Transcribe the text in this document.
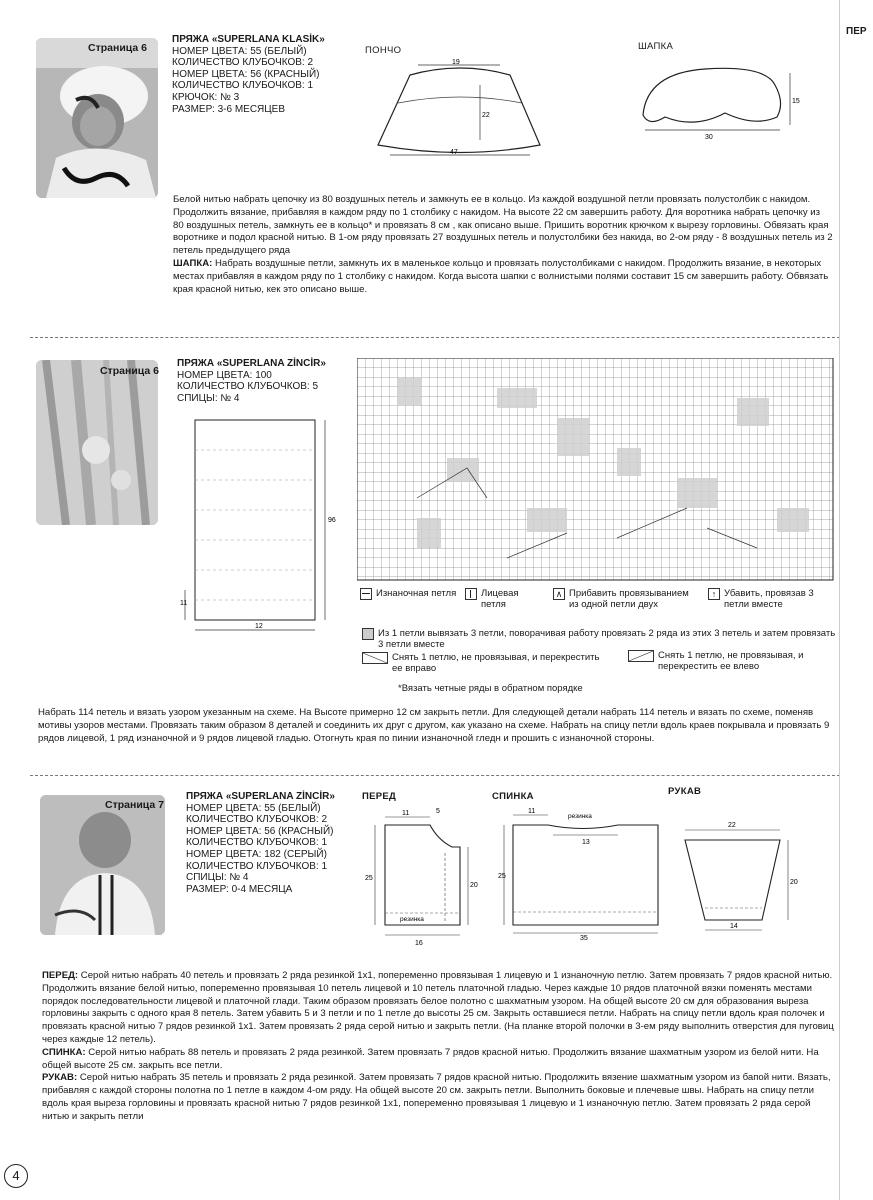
Страница 6
ПРЯЖА «SUPERLANA KLASİK»
НОМЕР ЦВЕТА: 55 (БЕЛЫЙ)
КОЛИЧЕСТВО КЛУБОЧКОВ: 2
НОМЕР ЦВЕТА: 56 (КРАСНЫЙ)
КОЛИЧЕСТВО КЛУБОЧКОВ: 1
КРЮЧОК: № 3
РАЗМЕР: 3-6 МЕСЯЦЕВ
ПОНЧО
19
22
47
ШАПКА
15
30
Белой нитью набрать цепочку из 80 воздушных петель и замкнуть ее в кольцо. Из каждой воздушной петли провязать полустолбик с накидом. Продолжить вязание, прибавляя в каждом ряду по 1 столбику с накидом. На высоте 22 см завершить работу. Для воротника набрать цепочку из 80 воздушных петель, замкнуть ее в кольцо* и провязать 8 см , как описано выше. Пришить воротник крючком к вырезу горловины. Обвязать края воротнике и подол красной нитью. В 1-ом ряду провязать 27 воздушных петель и полустолбики без накида, во 2-ом ряду - 8 воздушных петель из 2 петель предыдущего ряда
ШАПКА: Набрать воздушные петли, замкнуть их в маленькое кольцо и провязать полустолбиками с накидом. Продолжить вязание, в некоторых местах прибавляя в каждом ряду по 1 столбику с накидом. Когда высота шапки с волнистыми полями составит 15 см завершить работу. Обвязать края красной нитью, кек это описано выше.
Страница 6
ПРЯЖА «SUPERLANA ZİNCİR»
НОМЕР ЦВЕТА: 100
КОЛИЧЕСТВО КЛУБОЧКОВ: 5
СПИЦЫ: № 4
96
12
11
Изнаночная петля	Лицевая петля
∧ Прибавить провязыванием из одной петли двух
↑ Убавить, провязав 3 петли вместе
Из 1 петли вывязать 3 петли, поворачивая работу провязать 2 ряда из этих 3 петель и затем провязать 3 петли вместе
Снять 1 петлю, не провязывая, и перекрестить ее вправо
Снять 1 петлю, не провязывая, и перекрестить ее влево
*Вязать четные ряды в обратном порядке
Набрать 114 петель и вязать узором укезанным на схеме. На Высоте примерно 12 см закрыть петли. Для следующей детали набрать 114 петель и вязать по схеме, поменяв мотивы узоров местами. Провязать таким образом 8 деталей и соединить их друг с другом, как указано на схеме. Набрать на спицу петли вдоль краев покрывала и провязать 9 рядов лицевой, 1 ряд изнаночной и 9 рядов лицевой гладью. Отогнуть края по пинии изнаночной гледн и прошить с изнаночной стороны.
Страница 7
ПРЯЖА «SUPERLANA ZİNCİR»
НОМЕР ЦВЕТА: 55 (БЕЛЫЙ)
КОЛИЧЕСТВО КЛУБОЧКОВ: 2
НОМЕР ЦВЕТА: 56 (КРАСНЫЙ)
КОЛИЧЕСТВО КЛУБОЧКОВ: 1
НОМЕР ЦВЕТА: 182 (СЕРЫЙ)
КОЛИЧЕСТВО КЛУБОЧКОВ: 1
СПИЦЫ: № 4
РАЗМЕР: 0-4 МЕСЯЦА
ПЕРЕД	СПИНКА	РУКАВ
11	5
25
20
16
резинка
11
13
25
35
резинка
22
20
14
ПЕРЕД: Серой нитью набрать 40 петель и провязать 2 ряда резинкой 1x1, попеременно провязывая 1 лицевую и 1 изнаночную петлю. Затем провязать 7 рядов красной нитью. Продолжить вязание белой нитью, попеременно провязывая 10 петель лицевой и 10 петель платочной гладью. Через каждые 10 рядов платочной вязки поменять местами порядок последовательности лицевой и платочной глади. Таким образом провязать белое полотно с шахматным узором. На общей высоте 20 см для образования выреза горловины закрыть с одного края 8 петель. Затем убавить 5 и 3 петли и по 1 петле до высоты 25 см. Закрыть оставшиеся петли. Набрать на спицу петли вдоль края полочек и провязать красной нитью 7 рядов резинкой 1x1. Затем провязать 2 ряда серой нитью и закрыть петли. (На планке второй полочки в 3-ем ряду выполнить отверстия для пуговиц через каждые 12 петель).
СПИНКА: Серой нитью набрать 88 петель и провязать 2 ряда резинкой. Затем провязать 7 рядов красной нитью. Продолжить вязание шахматным узором из белой нити. На общей высоте 25 см. закрыть все петли.
РУКАВ: Серой нитью набрать 35 петель и провязать 2 ряда резинкой. Затем провязать 7 рядов красной нитью. Продолжить вязение шахматным узором из бапой нити. Вязать, прибавляя с каждой стороны полотна по 1 петле в каждом 4-ом ряду. На общей высоте 20 см. закрыть петли. Выполнить боковые и плечевые швы. Набрать на спицу петли вдоль края выреза горловины и провязать красной нитью 7 рядов резинкой 1x1, попеременно провязывая 1 лицевую и 1 изнаночную петлю. Затем провязать 2 ряда серой нитью и закрыть петли
ПЕР
4
